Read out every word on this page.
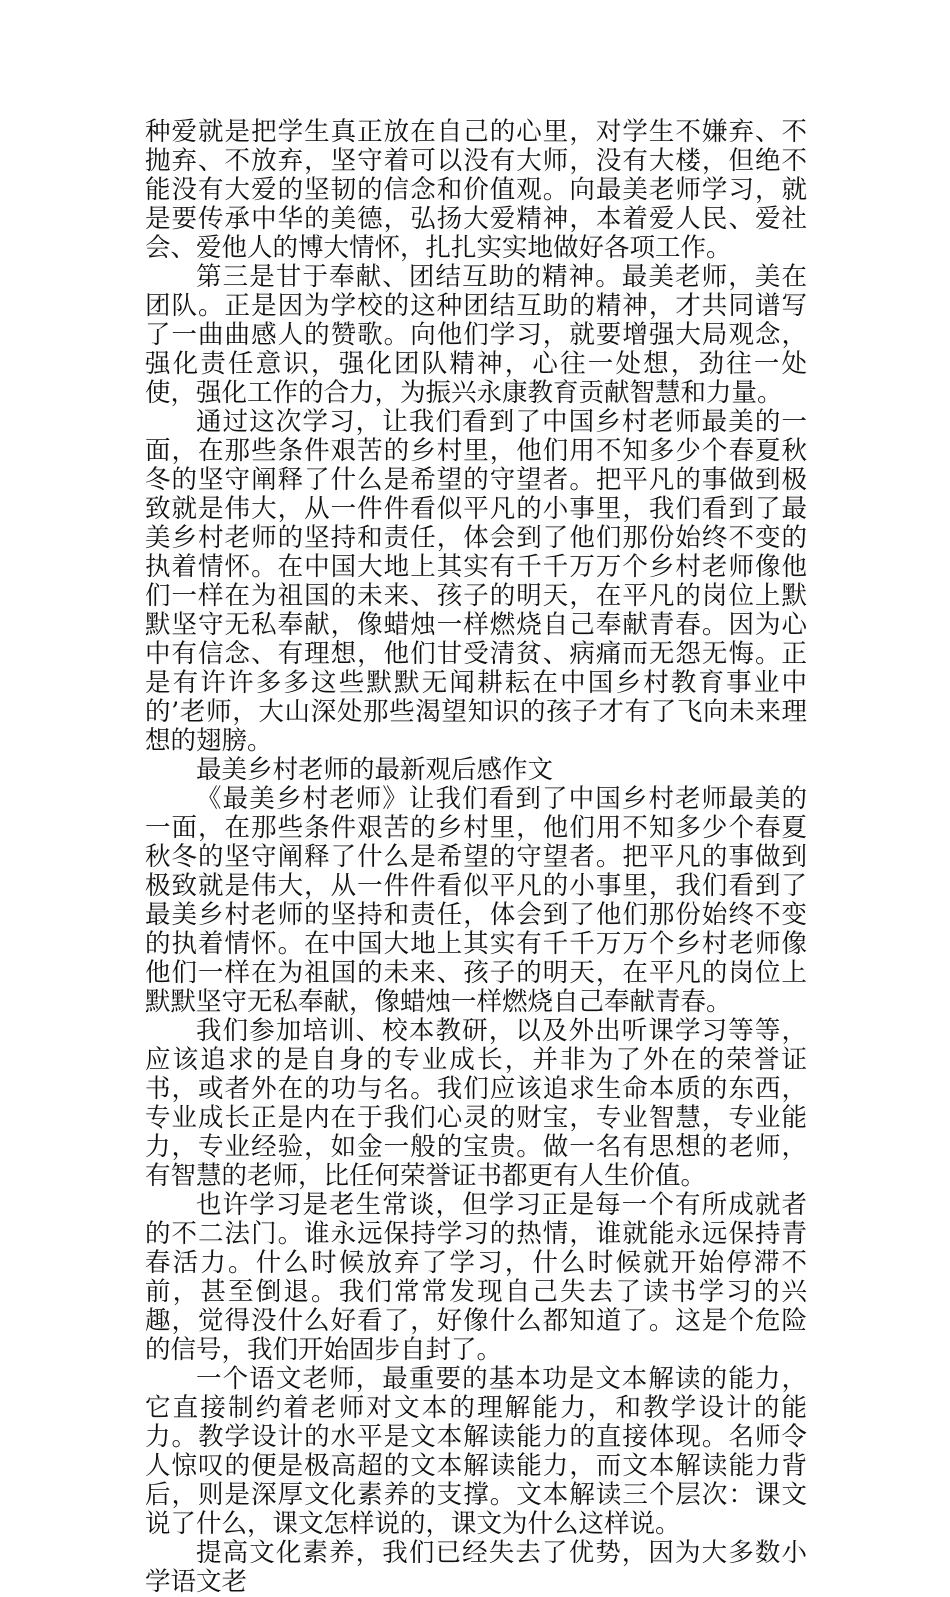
种爱就是把学生真正放在自己的心里，对学生不嫌弃、不抛弃、不放弃，坚守着可以没有大师，没有大楼，但绝不能没有大爱的坚韧的信念和价值观。向最美老师学习，就是要传承中华的美德，弘扬大爱精神，本着爱人民、爱社会、爱他人的博大情怀，扎扎实实地做好各项工作。

第三是甘于奉献、团结互助的精神。最美老师，美在团队。正是因为学校的这种团结互助的精神，才共同谱写了一曲曲感人的赞歌。向他们学习，就要增强大局观念，强化责任意识，强化团队精神，心往一处想，劲往一处使，强化工作的合力，为振兴永康教育贡献智慧和力量。

通过这次学习，让我们看到了中国乡村老师最美的一面，在那些条件艰苦的乡村里，他们用不知多少个春夏秋冬的坚守阐释了什么是希望的守望者。把平凡的事做到极致就是伟大，从一件件看似平凡的小事里，我们看到了最美乡村老师的坚持和责任，体会到了他们那份始终不变的执着情怀。在中国大地上其实有千千万万个乡村老师像他们一样在为祖国的未来、孩子的明天，在平凡的岗位上默默坚守无私奉献，像蜡烛一样燃烧自己奉献青春。因为心中有信念、有理想，他们甘受清贫、病痛而无怨无悔。正是有许许多多这些默默无闻耕耘在中国乡村教育事业中的’老师，大山深处那些渴望知识的孩子才有了飞向未来理想的翅膀。

最美乡村老师的最新观后感作文

《最美乡村老师》让我们看到了中国乡村老师最美的一面，在那些条件艰苦的乡村里，他们用不知多少个春夏秋冬的坚守阐释了什么是希望的守望者。把平凡的事做到极致就是伟大，从一件件看似平凡的小事里，我们看到了最美乡村老师的坚持和责任，体会到了他们那份始终不变的执着情怀。在中国大地上其实有千千万万个乡村老师像他们一样在为祖国的未来、孩子的明天，在平凡的岗位上默默坚守无私奉献，像蜡烛一样燃烧自己奉献青春。

我们参加培训、校本教研，以及外出听课学习等等，应该追求的是自身的专业成长，并非为了外在的荣誉证书，或者外在的功与名。我们应该追求生命本质的东西，专业成长正是内在于我们心灵的财宝，专业智慧，专业能力，专业经验，如金一般的宝贵。做一名有思想的老师，有智慧的老师，比任何荣誉证书都更有人生价值。

也许学习是老生常谈，但学习正是每一个有所成就者的不二法门。谁永远保持学习的热情，谁就能永远保持青春活力。什么时候放弃了学习，什么时候就开始停滞不前，甚至倒退。我们常常发现自己失去了读书学习的兴趣，觉得没什么好看了，好像什么都知道了。这是个危险的信号，我们开始固步自封了。

一个语文老师，最重要的基本功是文本解读的能力，它直接制约着老师对文本的理解能力，和教学设计的能力。教学设计的水平是文本解读能力的直接体现。名师令人惊叹的便是极高超的文本解读能力，而文本解读能力背后，则是深厚文化素养的支撑。文本解读三个层次：课文说了什么，课文怎样说的，课文为什么这样说。

提高文化素养，我们已经失去了优势，因为大多数小学语文老
